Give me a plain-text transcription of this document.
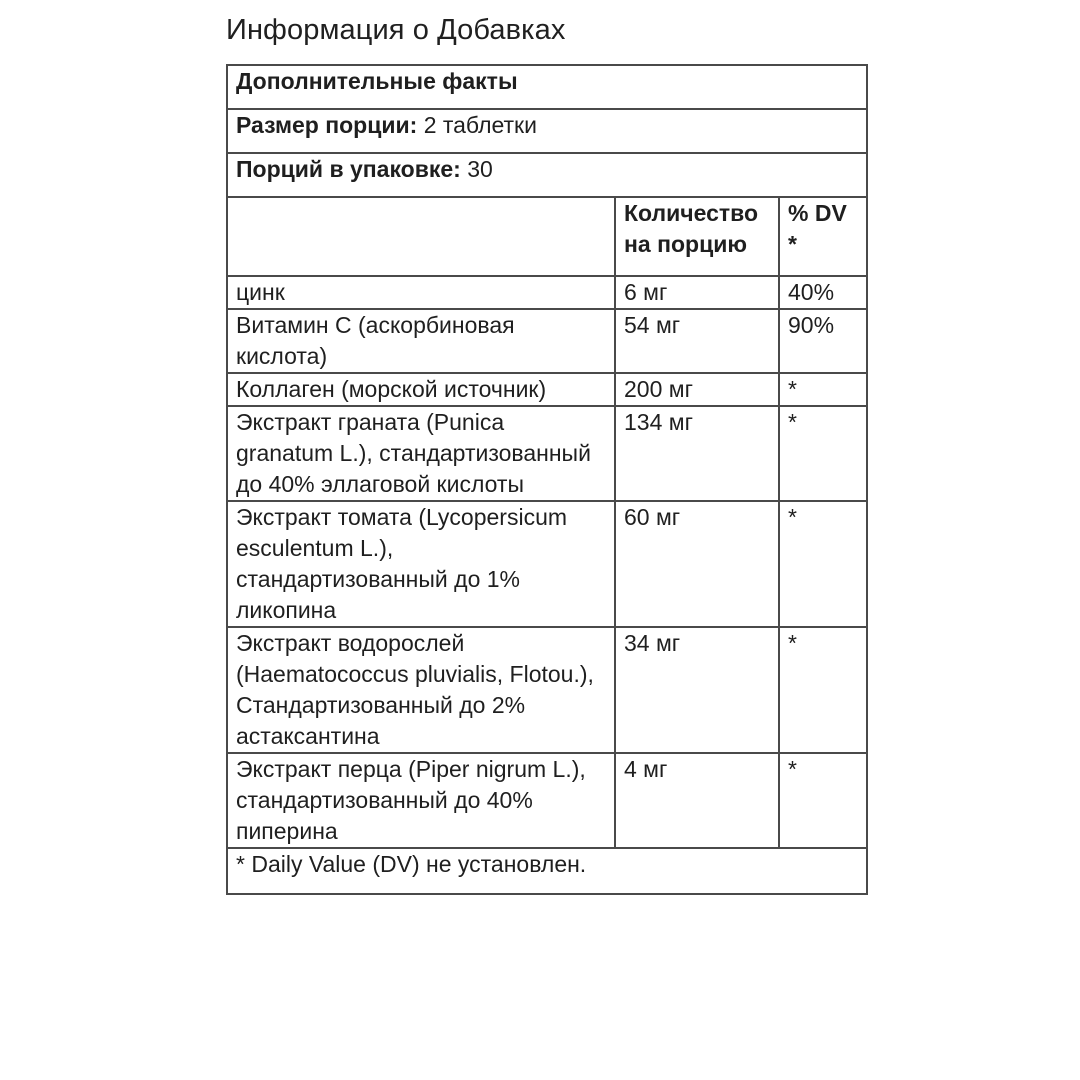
Информация о Добавках
Дополнительные факты		
Размер порции: 2 таблетки		
Порций в упаковке: 30		
	Количество на порцию	% DV *
цинк	6 мг	40%
Витамин C (аскорбиновая кислота)	54 мг	90%
Коллаген (морской источник)	200 мг	*
Экстракт граната (Punica granatum L.), стандартизованный до 40% эллаговой кислоты	134 мг	*
Экстракт томата (Lycopersicum esculentum L.), стандартизованный до 1% ликопина	60 мг	*
Экстракт водорослей (Haematococcus pluvialis, Flotou.), Стандартизованный до 2% астаксантина	34 мг	*
Экстракт перца (Piper nigrum L.), стандартизованный до 40% пиперина	4 мг	*
* Daily Value (DV) не установлен.		
